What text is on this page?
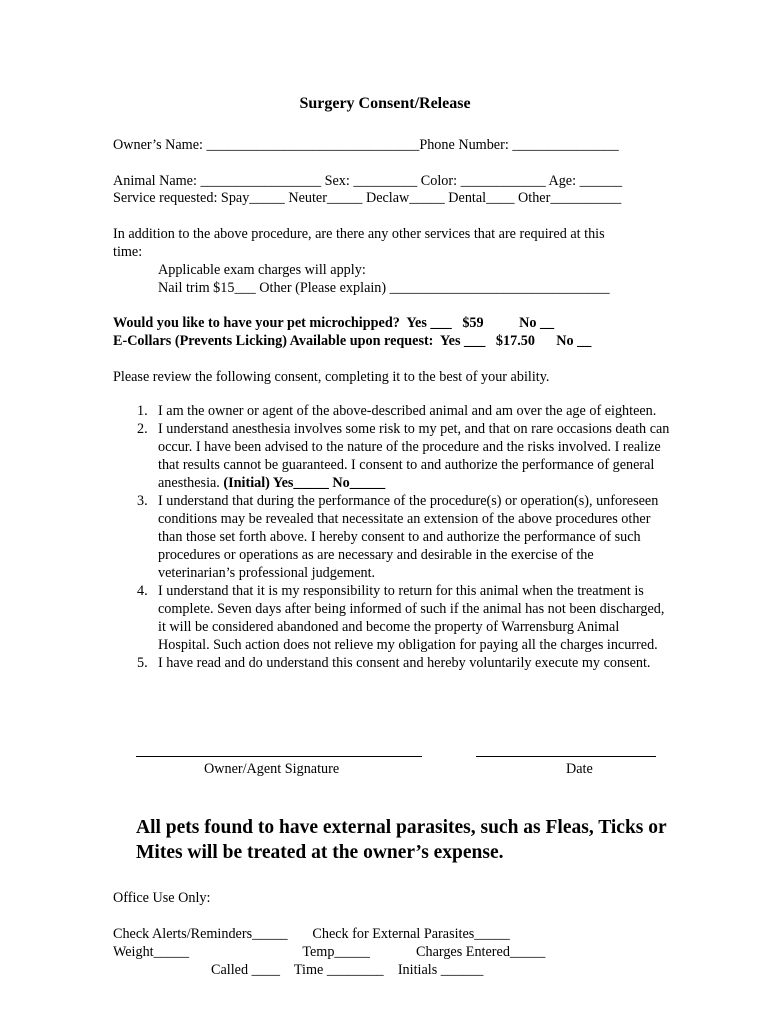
Surgery Consent/Release

Owner’s Name: ______________________________Phone Number: _______________

Animal Name: _________________ Sex: _________ Color: ____________ Age: ______

Service requested: Spay_____ Neuter_____ Declaw_____ Dental____ Other__________

In addition to the above procedure, are there any other services that are required at this

time:

Applicable exam charges will apply:

Nail trim $15___ Other (Please explain) _______________________________

Would you like to have your pet microchipped?  Yes ___   $59          No __

E-Collars (Prevents Licking) Available upon request:  Yes ___   $17.50      No __

Please review the following consent, completing it to the best of your ability.

1. I am the owner or agent of the above-described animal and am over the age of eighteen.
2. I understand anesthesia involves some risk to my pet, and that on rare occasions death can occur. I have been advised to the nature of the procedure and the risks involved. I realize that results cannot be guaranteed. I consent to and authorize the performance of general anesthesia. (Initial) Yes_____ No_____
3. I understand that during the performance of the procedure(s) or operation(s), unforeseen conditions may be revealed that necessitate an extension of the above procedures other than those set forth above. I hereby consent to and authorize the performance of such procedures or operations as are necessary and desirable in the exercise of the veterinarian’s professional judgement.
4. I understand that it is my responsibility to return for this animal when the treatment is complete. Seven days after being informed of such if the animal has not been discharged, it will be considered abandoned and become the property of Warrensburg Animal Hospital. Such action does not relieve my obligation for paying all the charges incurred.
5. I have read and do understand this consent and hereby voluntarily execute my consent.
Owner/Agent Signature	Date

All pets found to have external parasites, such as Fleas, Ticks or Mites will be treated at the owner’s expense.

Office Use Only:

Check Alerts/Reminders_____       Check for External Parasites_____

Weight_____                                Temp_____             Charges Entered_____

Called ____    Time ________    Initials ______
